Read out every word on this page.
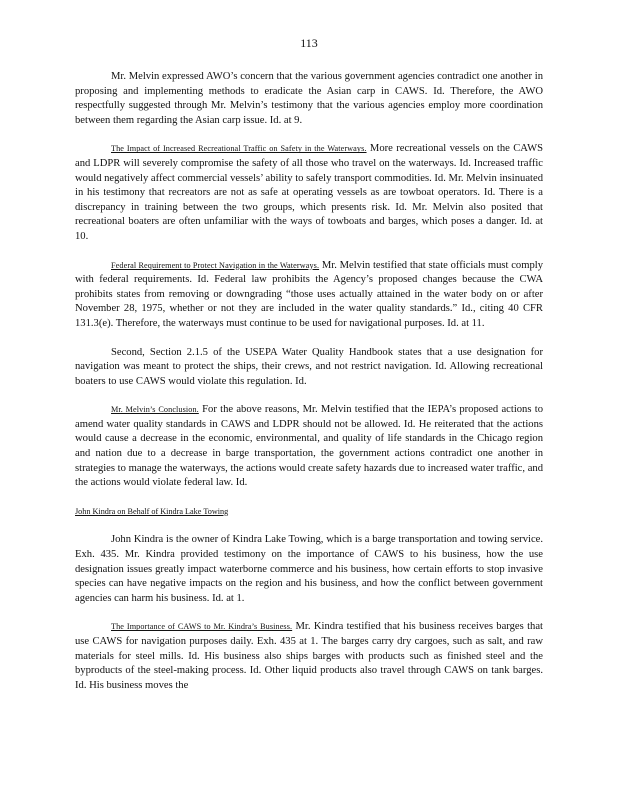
113

Mr. Melvin expressed AWO’s concern that the various government agencies contradict one another in proposing and implementing methods to eradicate the Asian carp in CAWS. Id. Therefore, the AWO respectfully suggested through Mr. Melvin’s testimony that the various agencies employ more coordination between them regarding the Asian carp issue. Id. at 9.

The Impact of Increased Recreational Traffic on Safety in the Waterways. More recreational vessels on the CAWS and LDPR will severely compromise the safety of all those who travel on the waterways. Id. Increased traffic would negatively affect commercial vessels’ ability to safely transport commodities. Id. Mr. Melvin insinuated in his testimony that recreators are not as safe at operating vessels as are towboat operators. Id. There is a discrepancy in training between the two groups, which presents risk. Id. Mr. Melvin also posited that recreational boaters are often unfamiliar with the ways of towboats and barges, which poses a danger. Id. at 10.

Federal Requirement to Protect Navigation in the Waterways. Mr. Melvin testified that state officials must comply with federal requirements. Id. Federal law prohibits the Agency’s proposed changes because the CWA prohibits states from removing or downgrading “those uses actually attained in the water body on or after November 28, 1975, whether or not they are included in the water quality standards.” Id., citing 40 CFR 131.3(e). Therefore, the waterways must continue to be used for navigational purposes. Id. at 11.

Second, Section 2.1.5 of the USEPA Water Quality Handbook states that a use designation for navigation was meant to protect the ships, their crews, and not restrict navigation. Id. Allowing recreational boaters to use CAWS would violate this regulation. Id.

Mr. Melvin’s Conclusion. For the above reasons, Mr. Melvin testified that the IEPA’s proposed actions to amend water quality standards in CAWS and LDPR should not be allowed. Id. He reiterated that the actions would cause a decrease in the economic, environmental, and quality of life standards in the Chicago region and nation due to a decrease in barge transportation, the government actions contradict one another in strategies to manage the waterways, the actions would create safety hazards due to increased water traffic, and the actions would violate federal law. Id.

John Kindra on Behalf of Kindra Lake Towing

John Kindra is the owner of Kindra Lake Towing, which is a barge transportation and towing service. Exh. 435. Mr. Kindra provided testimony on the importance of CAWS to his business, how the use designation issues greatly impact waterborne commerce and his business, how certain efforts to stop invasive species can have negative impacts on the region and his business, and how the conflict between government agencies can harm his business. Id. at 1.

The Importance of CAWS to Mr. Kindra’s Business. Mr. Kindra testified that his business receives barges that use CAWS for navigation purposes daily. Exh. 435 at 1. The barges carry dry cargoes, such as salt, and raw materials for steel mills. Id. His business also ships barges with products such as finished steel and the byproducts of the steel-making process. Id. Other liquid products also travel through CAWS on tank barges. Id. His business moves the
